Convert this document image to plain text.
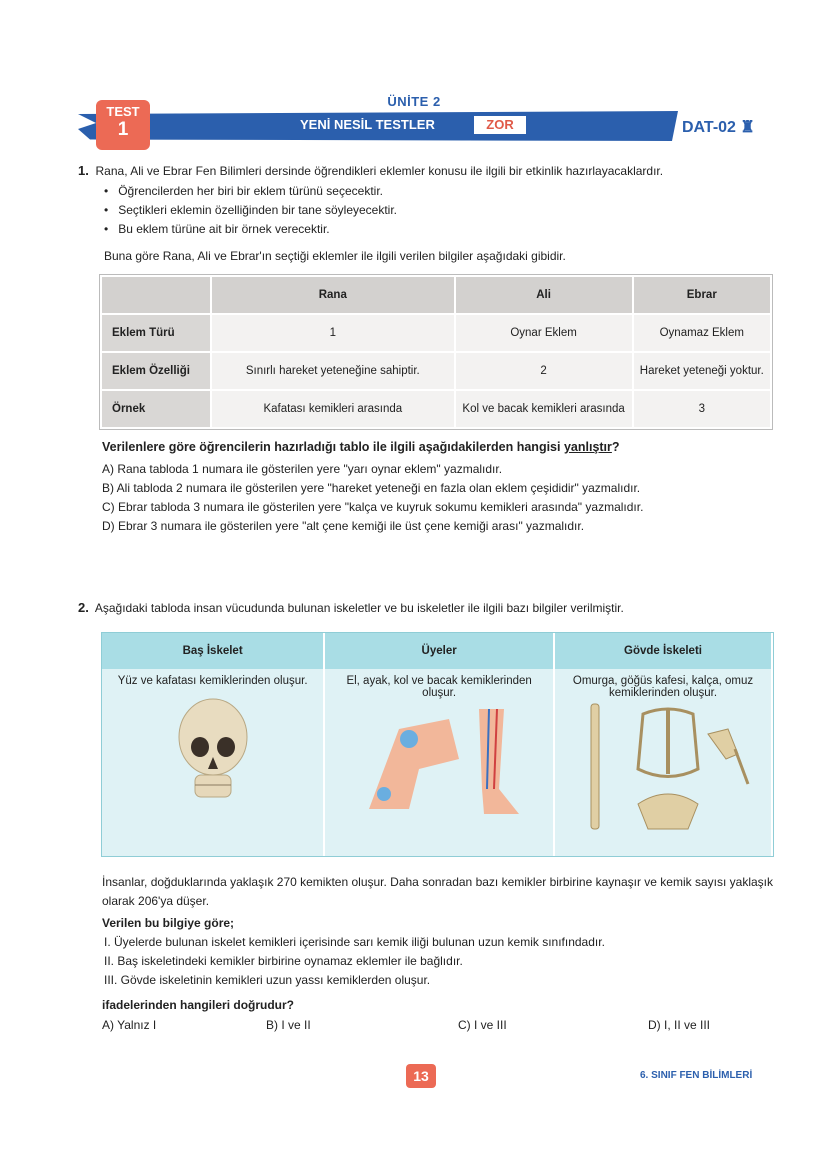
ÜNİTE 2
YENİ NESİL TESTLER	ZOR
TEST
1	DAT-02 ♜
1. Rana, Ali ve Ebrar Fen Bilimleri dersinde öğrendikleri eklemler konusu ile ilgili bir etkinlik hazırlayacaklardır.
•   Öğrencilerden her biri bir eklem türünü seçecektir.
•   Seçtikleri eklemin özelliğinden bir tane söyleyecektir.
•   Bu eklem türüne ait bir örnek verecektir.
Buna göre Rana, Ali ve Ebrar'ın seçtiği eklemler ile ilgili verilen bilgiler aşağıdaki gibidir.
	Rana	Ali	Ebrar
Eklem Türü	1	Oynar Eklem	Oynamaz Eklem
Eklem Özelliği	Sınırlı hareket yeteneğine sahiptir.	2	Hareket yeteneği yoktur.
Örnek	Kafatası kemikleri arasında	Kol ve bacak kemikleri arasında	3
Verilenlere göre öğrencilerin hazırladığı tablo ile ilgili aşağıdakilerden hangisi yanlıştır?
A) Rana tabloda 1 numara ile gösterilen yere "yarı oynar eklem" yazmalıdır.
B) Ali tabloda 2 numara ile gösterilen yere "hareket yeteneği en fazla olan eklem çeşididir" yazmalıdır.
C) Ebrar tabloda 3 numara ile gösterilen yere "kalça ve kuyruk sokumu kemikleri arasında" yazmalıdır.
D) Ebrar 3 numara ile gösterilen yere "alt çene kemiği ile üst çene kemiği arası" yazmalıdır.
2. Aşağıdaki tabloda insan vücudunda bulunan iskeletler ve bu iskeletler ile ilgili bazı bilgiler verilmiştir.
Baş İskelet	Üyeler	Gövde İskeleti

Yüz ve kafatası kemiklerinden oluşur.	El, ayak, kol ve bacak kemiklerinden oluşur.	Omurga, göğüs kafesi, kalça, omuz kemiklerinden oluşur.
İnsanlar, doğduklarında yaklaşık 270 kemikten oluşur. Daha sonradan bazı kemikler birbirine kaynaşır ve kemik sayısı yaklaşık olarak 206'ya düşer.
Verilen bu bilgiye göre;
I. Üyelerde bulunan iskelet kemikleri içerisinde sarı kemik iliği bulunan uzun kemik sınıfındadır.
II. Baş iskeletindeki kemikler birbirine oynamaz eklemler ile bağlıdır.
III. Gövde iskeletinin kemikleri uzun yassı kemiklerden oluşur.
ifadelerinden hangileri doğrudur?
A) Yalnız I	B) I ve II	C) I ve III	D) I, II ve III
13	6. SINIF FEN BİLİMLERİ
